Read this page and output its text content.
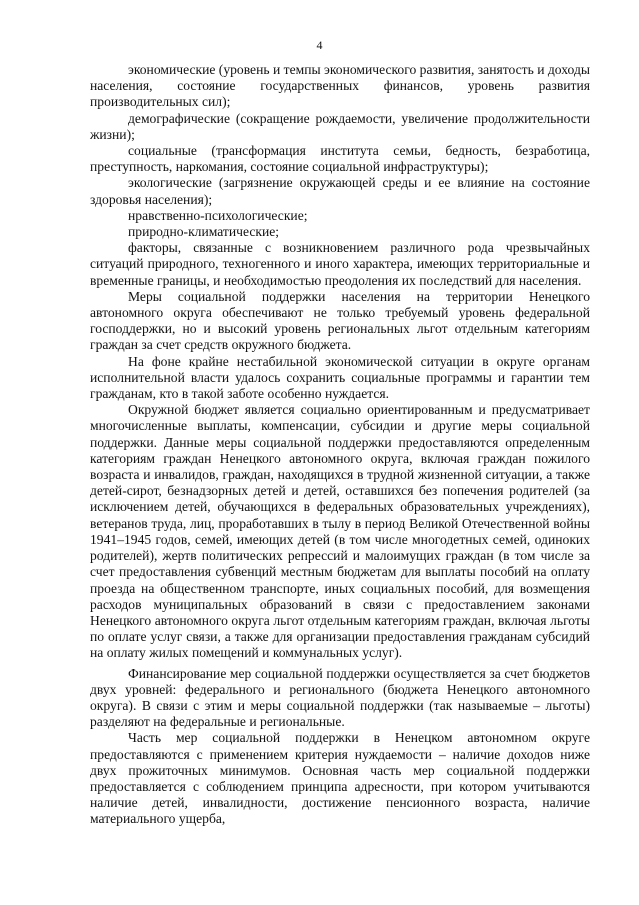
4

экономические (уровень и темпы экономического развития, занятость и доходы населения, состояние государственных финансов, уровень развития производительных сил);

демографические (сокращение рождаемости, увеличение продолжительности жизни);

социальные (трансформация института семьи, бедность, безработица, преступность, наркомания, состояние социальной инфраструктуры);

экологические (загрязнение окружающей среды и ее влияние на состояние здоровья населения);

нравственно-психологические;

природно-климатические;

факторы, связанные с возникновением различного рода чрезвычайных ситуаций природного, техногенного и иного характера, имеющих территориальные и временные границы, и необходимостью преодоления их последствий для населения.

Меры социальной поддержки населения на территории Ненецкого автономного округа обеспечивают не только требуемый уровень федеральной господдержки, но и высокий уровень региональных льгот отдельным категориям граждан за счет средств окружного бюджета.

На фоне крайне нестабильной экономической ситуации в округе органам исполнительной власти удалось сохранить социальные программы и гарантии тем гражданам, кто в такой заботе особенно нуждается.

Окружной бюджет является социально ориентированным и предусматривает многочисленные выплаты, компенсации, субсидии и другие меры социальной поддержки. Данные меры социальной поддержки предоставляются определенным категориям граждан Ненецкого автономного округа, включая граждан пожилого возраста и инвалидов, граждан, находящихся в трудной жизненной ситуации, а также детей-сирот, безнадзорных детей и детей, оставшихся без попечения родителей (за исключением детей, обучающихся в федеральных образовательных учреждениях), ветеранов труда, лиц, проработавших в тылу в период Великой Отечественной войны 1941–1945 годов, семей, имеющих детей (в том числе многодетных семей, одиноких родителей), жертв политических репрессий и малоимущих граждан (в том числе за счет предоставления субвенций местным бюджетам для выплаты пособий на оплату проезда на общественном транспорте, иных социальных пособий, для возмещения расходов муниципальных образований в связи с предоставлением законами Ненецкого автономного округа льгот отдельным категориям граждан, включая льготы по оплате услуг связи, а также для организации предоставления гражданам субсидий на оплату жилых помещений и коммунальных услуг).

Финансирование мер социальной поддержки осуществляется за счет бюджетов двух уровней: федерального и регионального (бюджета Ненецкого автономного округа). В связи с этим и меры социальной поддержки (так называемые – льготы) разделяют на федеральные и региональные.

Часть мер социальной поддержки в Ненецком автономном округе предоставляются с применением критерия нуждаемости – наличие доходов ниже двух прожиточных минимумов. Основная часть мер социальной поддержки предоставляется с соблюдением принципа адресности, при котором учитываются наличие детей, инвалидности, достижение пенсионного возраста, наличие материального ущерба,
